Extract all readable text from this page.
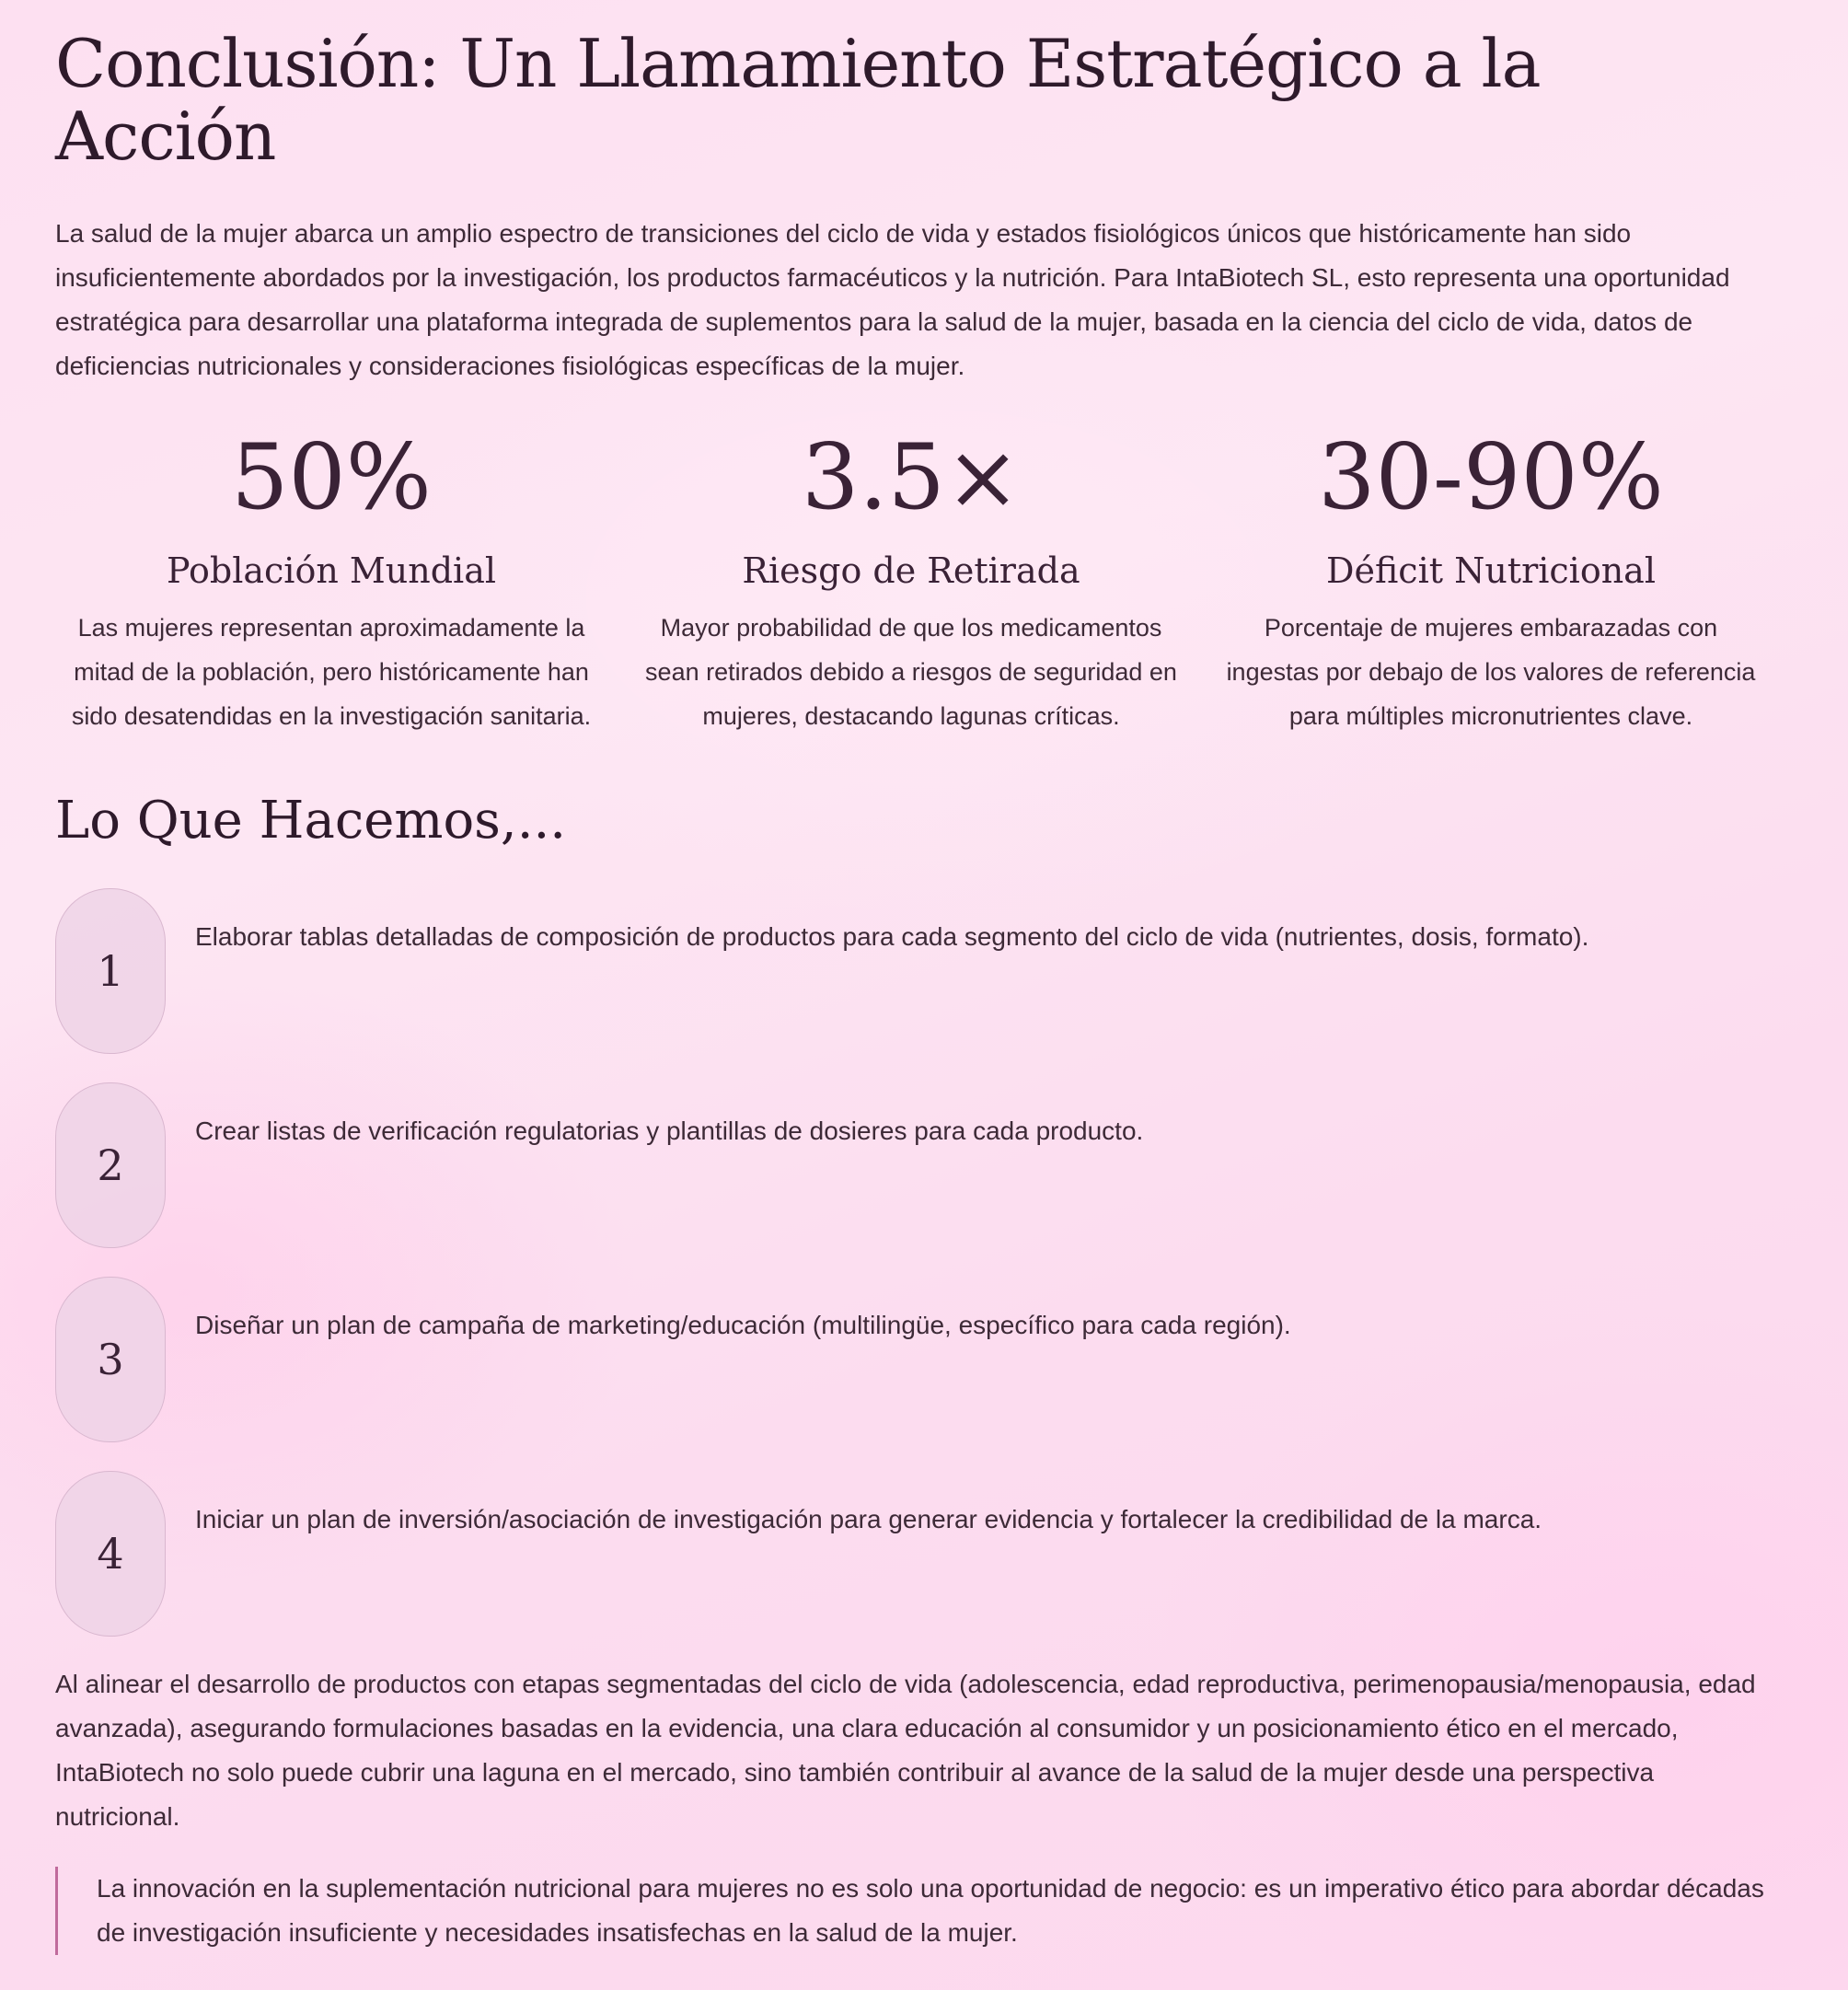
Conclusión: Un Llamamiento Estratégico a la Acción

La salud de la mujer abarca un amplio espectro de transiciones del ciclo de vida y estados fisiológicos únicos que históricamente han sido insuficientemente abordados por la investigación, los productos farmacéuticos y la nutrición. Para IntaBiotech SL, esto representa una oportunidad estratégica para desarrollar una plataforma integrada de suplementos para la salud de la mujer, basada en la ciencia del ciclo de vida, datos de deficiencias nutricionales y consideraciones fisiológicas específicas de la mujer.

50%
Población Mundial
Las mujeres representan aproximadamente la mitad de la población, pero históricamente han sido desatendidas en la investigación sanitaria.
3.5×
Riesgo de Retirada
Mayor probabilidad de que los medicamentos sean retirados debido a riesgos de seguridad en mujeres, destacando lagunas críticas.
30-90%
Déficit Nutricional
Porcentaje de mujeres embarazadas con ingestas por debajo de los valores de referencia para múltiples micronutrientes clave.
Lo Que Hacemos,...
1
Elaborar tablas detalladas de composición de productos para cada segmento del ciclo de vida (nutrientes, dosis, formato).
2
Crear listas de verificación regulatorias y plantillas de dosieres para cada producto.
3
Diseñar un plan de campaña de marketing/educación (multilingüe, específico para cada región).
4
Iniciar un plan de inversión/asociación de investigación para generar evidencia y fortalecer la credibilidad de la marca.

Al alinear el desarrollo de productos con etapas segmentadas del ciclo de vida (adolescencia, edad reproductiva, perimenopausia/menopausia, edad avanzada), asegurando formulaciones basadas en la evidencia, una clara educación al consumidor y un posicionamiento ético en el mercado, IntaBiotech no solo puede cubrir una laguna en el mercado, sino también contribuir al avance de la salud de la mujer desde una perspectiva nutricional.

La innovación en la suplementación nutricional para mujeres no es solo una oportunidad de negocio: es un imperativo ético para abordar décadas de investigación insuficiente y necesidades insatisfechas en la salud de la mujer.
